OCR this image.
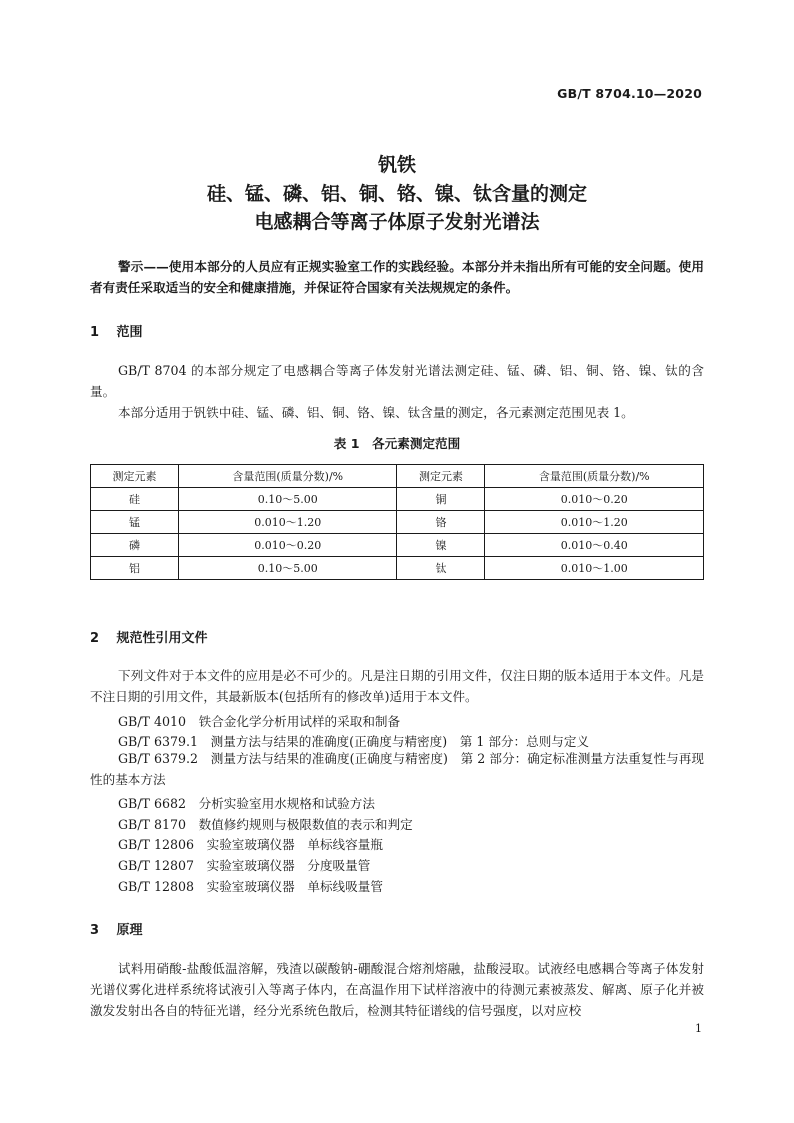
GB/T 8704.10—2020
钒铁
硅、锰、磷、铝、铜、铬、镍、钛含量的测定
电感耦合等离子体原子发射光谱法
警示——使用本部分的人员应有正规实验室工作的实践经验。本部分并未指出所有可能的安全问题。使用者有责任采取适当的安全和健康措施，并保证符合国家有关法规规定的条件。
1 范围
GB/T 8704 的本部分规定了电感耦合等离子体发射光谱法测定硅、锰、磷、铝、铜、铬、镍、钛的含量。
本部分适用于钒铁中硅、锰、磷、铝、铜、铬、镍、钛含量的测定，各元素测定范围见表 1。
表 1　各元素测定范围
测定元素	含量范围(质量分数)/%	测定元素	含量范围(质量分数)/%
硅	0.10～5.00	铜	0.010～0.20
锰	0.010～1.20	铬	0.010～1.20
磷	0.010～0.20	镍	0.010～0.40
铝	0.10～5.00	钛	0.010～1.00
2 规范性引用文件
下列文件对于本文件的应用是必不可少的。凡是注日期的引用文件，仅注日期的版本适用于本文件。凡是不注日期的引用文件，其最新版本(包括所有的修改单)适用于本文件。
GB/T 4010　铁合金化学分析用试样的采取和制备
GB/T 6379.1　测量方法与结果的准确度(正确度与精密度)　第 1 部分：总则与定义
GB/T 6379.2　测量方法与结果的准确度(正确度与精密度)　第 2 部分：确定标准测量方法重复性与再现性的基本方法
GB/T 6682　分析实验室用水规格和试验方法
GB/T 8170　数值修约规则与极限数值的表示和判定
GB/T 12806　实验室玻璃仪器　单标线容量瓶
GB/T 12807　实验室玻璃仪器　分度吸量管
GB/T 12808　实验室玻璃仪器　单标线吸量管
3 原理
试料用硝酸-盐酸低温溶解，残渣以碳酸钠-硼酸混合熔剂熔融，盐酸浸取。试液经电感耦合等离子体发射光谱仪雾化进样系统将试液引入等离子体内，在高温作用下试样溶液中的待测元素被蒸发、解离、原子化并被激发发射出各自的特征光谱，经分光系统色散后，检测其特征谱线的信号强度，以对应校
1
